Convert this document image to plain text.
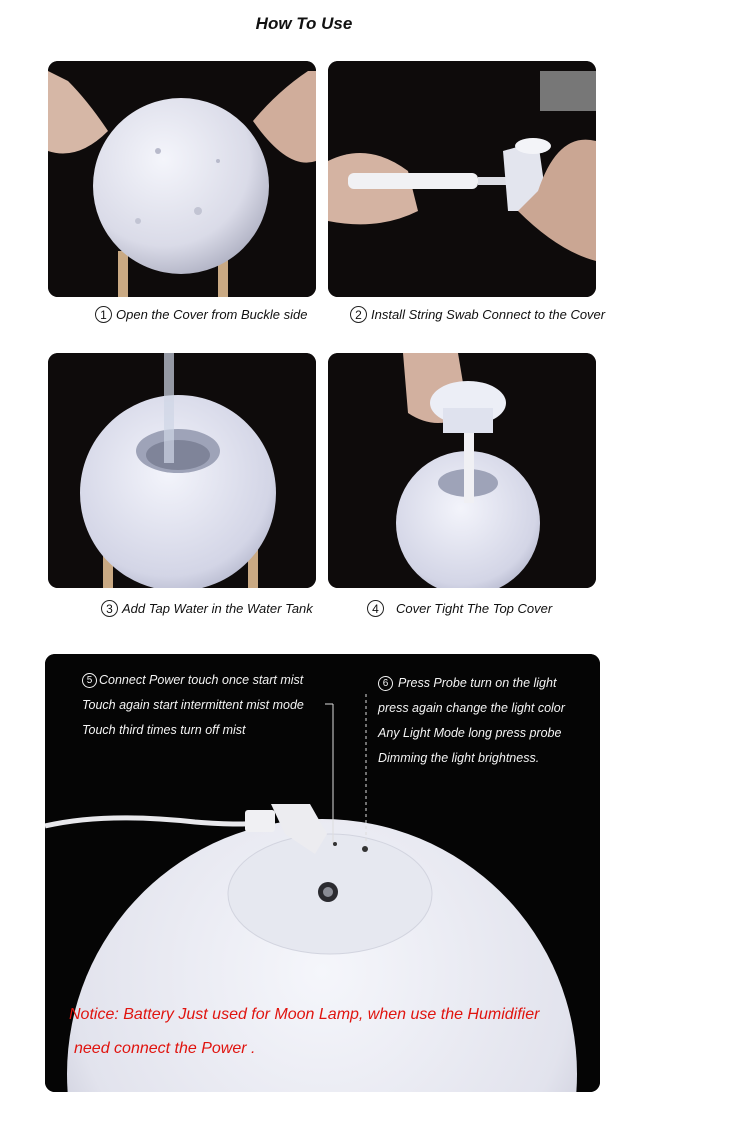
How To Use
1 Open the Cover from Buckle side	2 Install String Swab Connect to the Cover
3 Add Tap Water in the Water Tank	4	Cover Tight The Top Cover
5 Connect Power touch once start mist
Touch again start intermittent mist mode
Touch third times turn off mist
6 Press Probe turn on the light
press again change the light color
Any Light Mode long press probe
Dimming the light brightness.
Notice: Battery Just used for Moon Lamp, when use the Humidifier
need connect the Power .
